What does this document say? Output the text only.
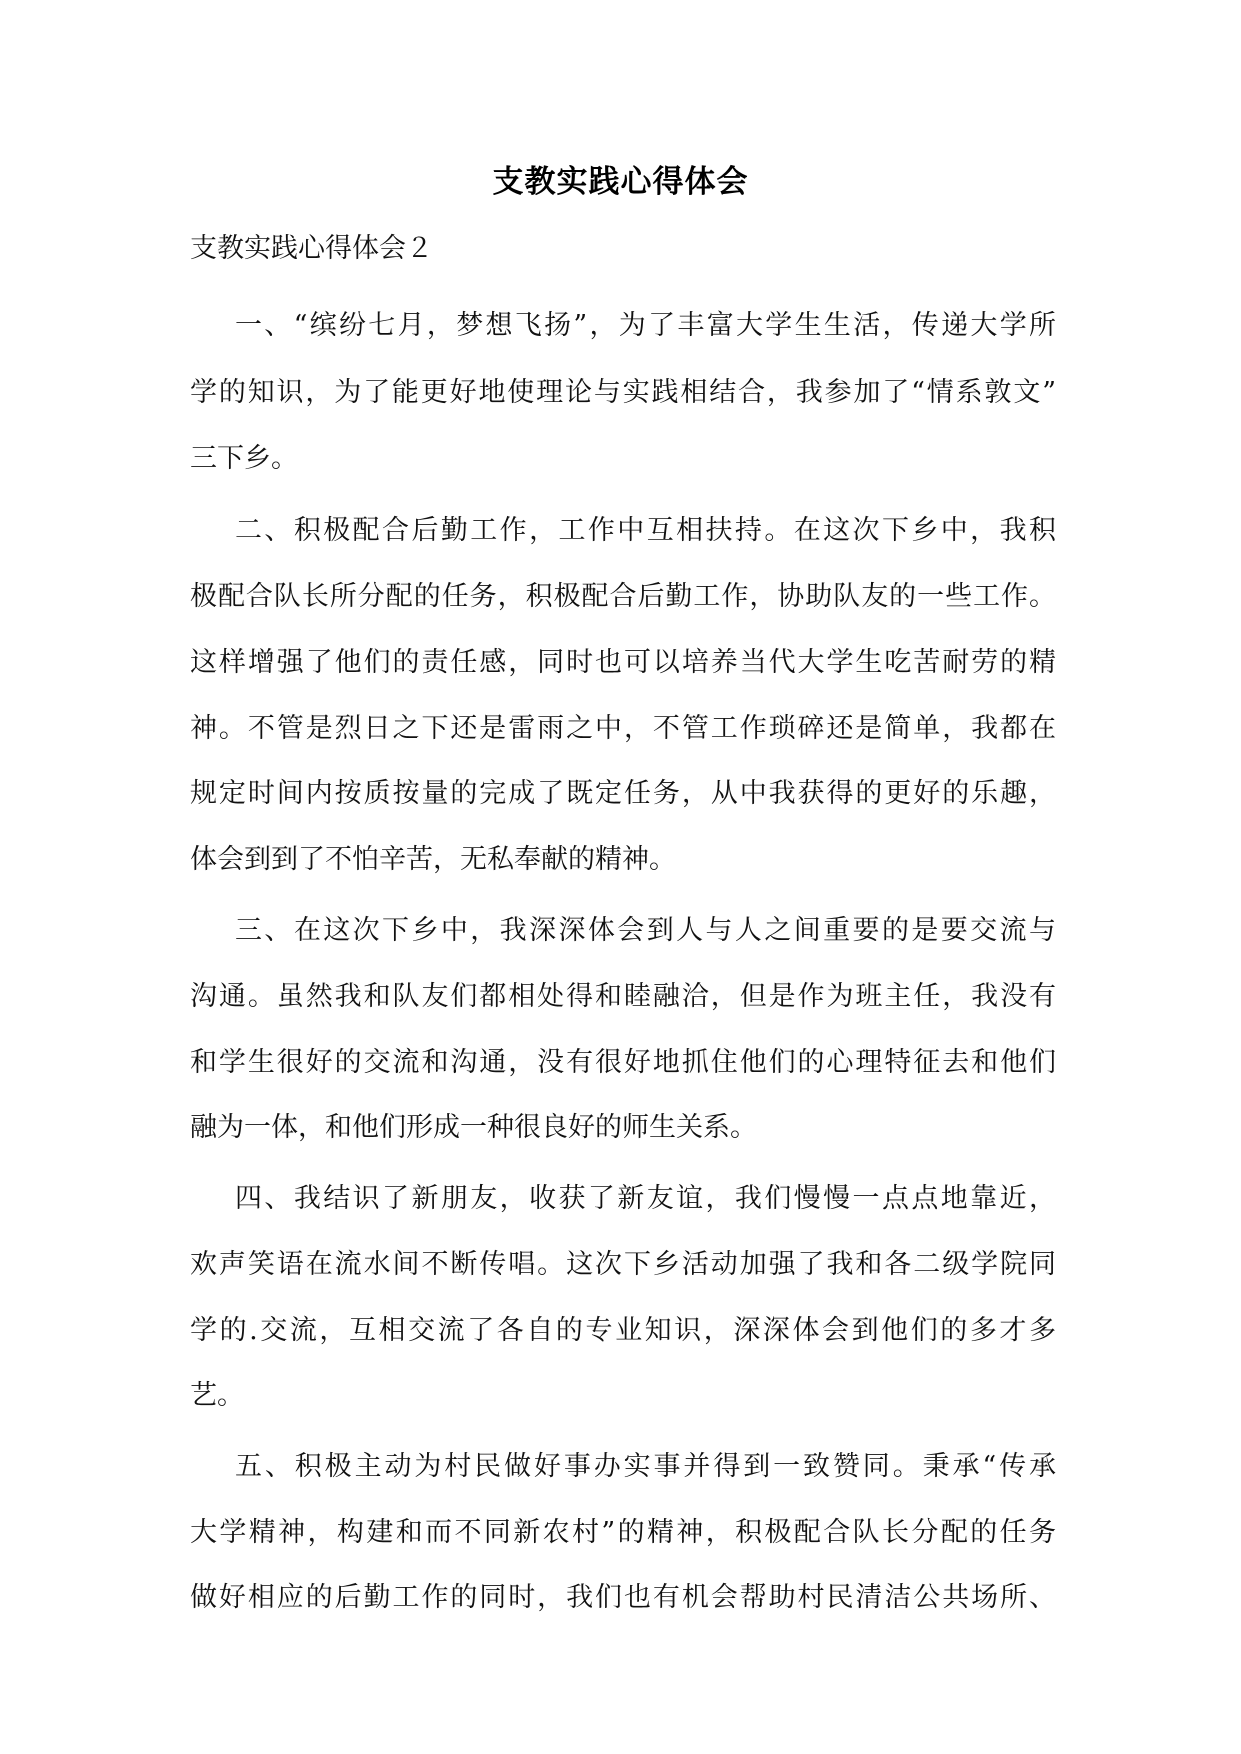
支教实践心得体会

支教实践心得体会２

一、“缤纷七月，梦想飞扬”，为了丰富大学生生活，传递大学所

学的知识，为了能更好地使理论与实践相结合，我参加了“情系敦文”

三下乡。

二、积极配合后勤工作，工作中互相扶持。在这次下乡中，我积

极配合队长所分配的任务，积极配合后勤工作，协助队友的一些工作。

这样增强了他们的责任感，同时也可以培养当代大学生吃苦耐劳的精

神。不管是烈日之下还是雷雨之中，不管工作琐碎还是简单，我都在

规定时间内按质按量的完成了既定任务，从中我获得的更好的乐趣，

体会到到了不怕辛苦，无私奉献的精神。

三、在这次下乡中，我深深体会到人与人之间重要的是要交流与

沟通。虽然我和队友们都相处得和睦融洽，但是作为班主任，我没有

和学生很好的交流和沟通，没有很好地抓住他们的心理特征去和他们

融为一体，和他们形成一种很良好的师生关系。

四、我结识了新朋友，收获了新友谊，我们慢慢一点点地靠近，

欢声笑语在流水间不断传唱。这次下乡活动加强了我和各二级学院同

学的.交流，互相交流了各自的专业知识，深深体会到他们的多才多

艺。

五、积极主动为村民做好事办实事并得到一致赞同。秉承“传承

大学精神，构建和而不同新农村”的精神，积极配合队长分配的任务

做好相应的后勤工作的同时，我们也有机会帮助村民清洁公共场所、
